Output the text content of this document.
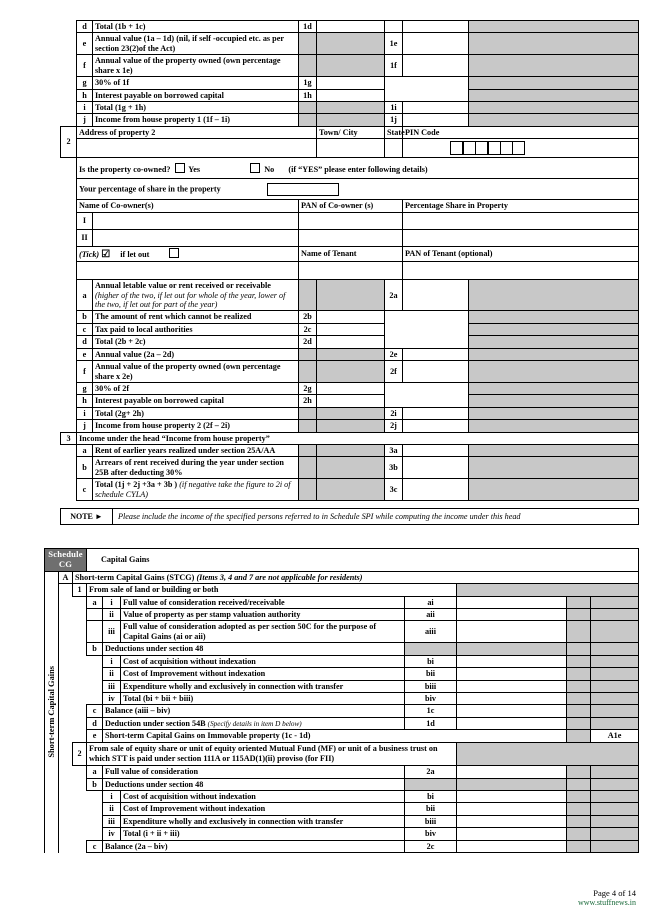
	d	Total (1b + 1c)	1d				
	e	Annual value (1a – 1d) (nil, if self -occupied etc. as per section 23(2)of the Act)			1e		
	f	Annual value of the property owned (own percentage share x 1e)			1f		
	g	30% of 1f	1g				
	h	Interest payable on borrowed capital	1h				
	i	Total (1g + 1h)			1i		
	j	Income from house property 1 (1f – 1i)			1j		
2	Address of property 2			Town/ City	State	PIN Code	

	Is the property co-owned? Yes No (if “YES” please enter following details)						
	Your percentage of share in the property						
	Name of Co-owner(s)		PAN of Co-owner (s)			Percentage Share in Property	
	I						
	II						
	(Tick) ☑ if let out		Name of Tenant			PAN of Tenant (optional)	

	a	Annual letable value or rent received or receivable (higher of the two, if let out for whole of the year, lower of the two, if let out for part of the year)			2a		
	b	The amount of rent which cannot be realized	2b				
	c	Tax paid to local authorities	2c				
	d	Total (2b + 2c)	2d				
	e	Annual value (2a – 2d)			2e		
	f	Annual value of the property owned (own percentage share x 2e)			2f		
	g	30% of 2f	2g				
	h	Interest payable on borrowed capital	2h				
	i	Total (2g+ 2h)			2i		
	j	Income from house property 2 (2f – 2i)			2j		
3	Income under the head “Income from house property”						
	a	Rent of earlier years realized under section 25A/AA			3a		
	b	Arrears of rent received during the year under section 25B after deducting 30%			3b		
	c	Total (1j + 2j +3a + 3b ) (if negative take the figure to 2i of schedule CYLA)			3c		
NOTE ►	Please include the income of the specified persons referred to in Schedule SPI while computing the income under this head
Schedule CG			Capital Gains							

Short-term Capital Gains	A	Short-term Capital Gains (STCG) (Items 3, 4 and 7 are not applicable for residents)								
		1	From sale of land or building or both							
			a	i	Full value of consideration received/receivable	ai				
				ii	Value of property as per stamp valuation authority	aii				
				iii	Full value of consideration adopted as per section 50C for the purpose of Capital Gains (ai or aii)	aiii				
			b	Deductions under section 48						
				i	Cost of acquisition without indexation	bi				
				ii	Cost of Improvement without indexation	bii				
				iii	Expenditure wholly and exclusively in connection with transfer	biii				
				iv	Total (bi + bii + biii)	biv				
			c	Balance (aiii – biv)		1c				
			d	Deduction under section 54B (Specify details in item D below)		1d				
			e	Short-term Capital Gains on Immovable property (1c - 1d)					A1e	
		2	From sale of equity share or unit of equity oriented Mutual Fund (MF) or unit of a business trust on which STT is paid under section 111A or 115AD(1)(ii) proviso (for FII)							
			a	Full value of consideration		2a				
			b	Deductions under section 48						
				i	Cost of acquisition without indexation	bi				
				ii	Cost of Improvement without indexation	bii				
				iii	Expenditure wholly and exclusively in connection with transfer	biii				
				iv	Total (i + ii + iii)	biv				
			c	Balance (2a – biv)		2c				
Page 4 of 14
www.stuffnews.in
